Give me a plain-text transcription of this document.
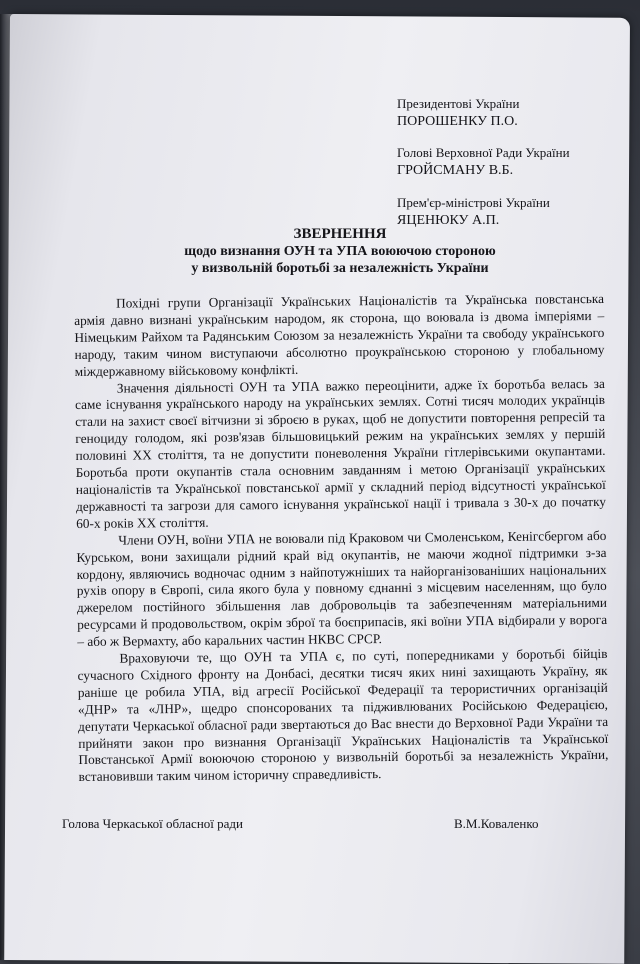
Президентові України
ПОРОШЕНКУ П.О.
Голові Верховної Ради України
ГРОЙСМАНУ В.Б.
Прем'єр-міністрові України
ЯЦЕНЮКУ А.П.
ЗВЕРНЕННЯ
щодо визнання ОУН та УПА воюючою стороною
у визвольній боротьбі за незалежність України

Похідні групи Організації Українських Націоналістів та Українська повстанська армія давно визнані українським народом, як сторона, що воювала із двома імперіями – Німецьким Райхом та Радянським Союзом за незалежність України та свободу українського народу, таким чином виступаючи абсолютно проукраїнською стороною у глобальному міждержавному військовому конфлікті.

Значення діяльності ОУН та УПА важко переоцінити, адже їх боротьба велась за саме існування українського народу на українських землях. Сотні тисяч молодих українців стали на захист своєї вітчизни зі зброєю в руках, щоб не допустити повторення репресій та геноциду голодом, які розв'язав більшовицький режим на українських землях у першій половині XX століття, та не допустити поневолення України гітлерівськими окупантами. Боротьба проти окупантів стала основним завданням і метою Організації українських націоналістів та Української повстанської армії у складний період відсутності української державності та загрози для самого існування української нації і тривала з 30-х до початку 60-х років XX століття.

Члени ОУН, воїни УПА не воювали під Краковом чи Смоленськом, Кенігсбергом або Курськом, вони захищали рідний край від окупантів, не маючи жодної підтримки з-за кордону, являючись водночас одним з найпотужніших та найорганізованіших національних рухів опору в Європі, сила якого була у повному єднанні з місцевим населенням, що було джерелом постійного збільшення лав добровольців та забезпеченням матеріальними ресурсами й продовольством, окрім зброї та боєприпасів, які воїни УПА відбирали у ворога – або ж Вермахту, або каральних частин НКВС СРСР.

Враховуючи те, що ОУН та УПА є, по суті, попередниками у боротьбі бійців сучасного Східного фронту на Донбасі, десятки тисяч яких нині захищають Україну, як раніше це робила УПА, від агресії Російської Федерації та терористичних організацій «ДНР» та «ЛНР», щедро спонсорованих та підживлюваних Російською Федерацією, депутати Черкаської обласної ради звертаються до Вас внести до Верховної Ради України та прийняти закон про визнання Організації Українських Націоналістів та Української Повстанської Армії воюючою стороною у визвольній боротьбі за незалежність України, встановивши таким чином історичну справедливість.

Голова Черкаської обласної ради	В.М.Коваленко
